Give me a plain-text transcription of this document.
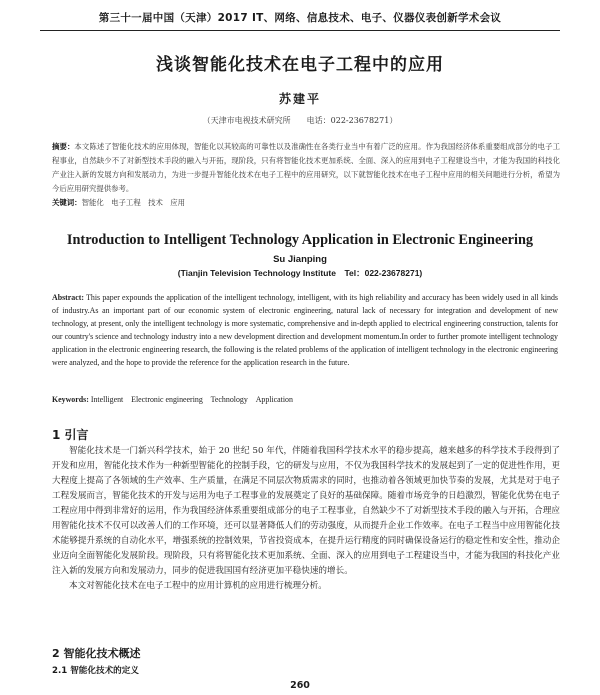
第三十一届中国（天津）2017 IT、网络、信息技术、电子、仪器仪表创新学术会议
浅谈智能化技术在电子工程中的应用
苏建平
（天津市电视技术研究所　　电话：022-23678271）
摘要：本文陈述了智能化技术的应用体现，智能化以其较高的可靠性以及准确性在各类行业当中有着广泛的应用。作为我国经济体系重要组成部分的电子工程事业，自然缺少不了对新型技术手段的融入与开拓，现阶段，只有将智能化技术更加系统、全面、深入的应用到电子工程建设当中，才能为我国的科技化产业注入新的发展方向和发展动力，为进一步提升智能化技术在电子工程中的应用研究，以下就智能化技术在电子工程中应用的相关问题进行分析，希望为今后应用研究提供参考。
关键词：智能化　电子工程　技术　应用
Introduction to Intelligent Technology Application in Electronic Engineering
Su Jianping
(Tianjin Television Technology Institute　Tel：022-23678271)
Abstract: This paper expounds the application of the intelligent technology, intelligent, with its high reliability and accuracy has been widely used in all kinds of industry.As an important part of our economic system of electronic engineering, natural lack of necessary for integration and development of new technology, at present, only the intelligent technology is more systematic, comprehensive and in-depth applied to electrical engineering construction, talents for our country's science and technology industry into a new development direction and development momentum.In order to further promote intelligent technology application in the electronic engineering research, the following is the related problems of the application of intelligent technology in the electronic engineering were analyzed, and the hope to provide the reference for the application research in the future.
Keywords: Intelligent　Electronic engineering　Technology　Application
1 引言

智能化技术是一门新兴科学技术，始于 20 世纪 50 年代，伴随着我国科学技术水平的稳步提高，越来越多的科学技术手段得到了开发和应用，智能化技术作为一种新型智能化的控制手段，它的研发与应用，不仅为我国科学技术的发展起到了一定的促进性作用，更大程度上提高了各领域的生产效率、生产质量，在满足不同层次物质需求的同时，也推动着各领域更加快节奏的发展，尤其是对于电子工程发展而言，智能化技术的开发与运用为电子工程事业的发展奠定了良好的基础保障。随着市场竞争的日趋激烈，智能化优势在电子工程应用中得到非常好的运用，作为我国经济体系重要组成部分的电子工程事业，自然缺少不了对新型技术手段的融入与开拓，合理应用智能化技术不仅可以改善人们的工作环境，还可以显著降低人们的劳动强度，从而提升企业工作效率。在电子工程当中应用智能化技术能够提升系统的自动化水平，增强系统的控制效果，节省投资成本，在提升运行精度的同时确保设备运行的稳定性和安全性，推动企业迈向全面智能化发展阶段。现阶段，只有将智能化技术更加系统、全面、深入的应用到电子工程建设当中，才能为我国的科技化产业注入新的发展方向和发展动力，同步的促进我国国有经济更加平稳快速的增长。

本文对智能化技术在电子工程中的应用计算机的应用进行梳理分析。

2 智能化技术概述
2.1 智能化技术的定义
260
